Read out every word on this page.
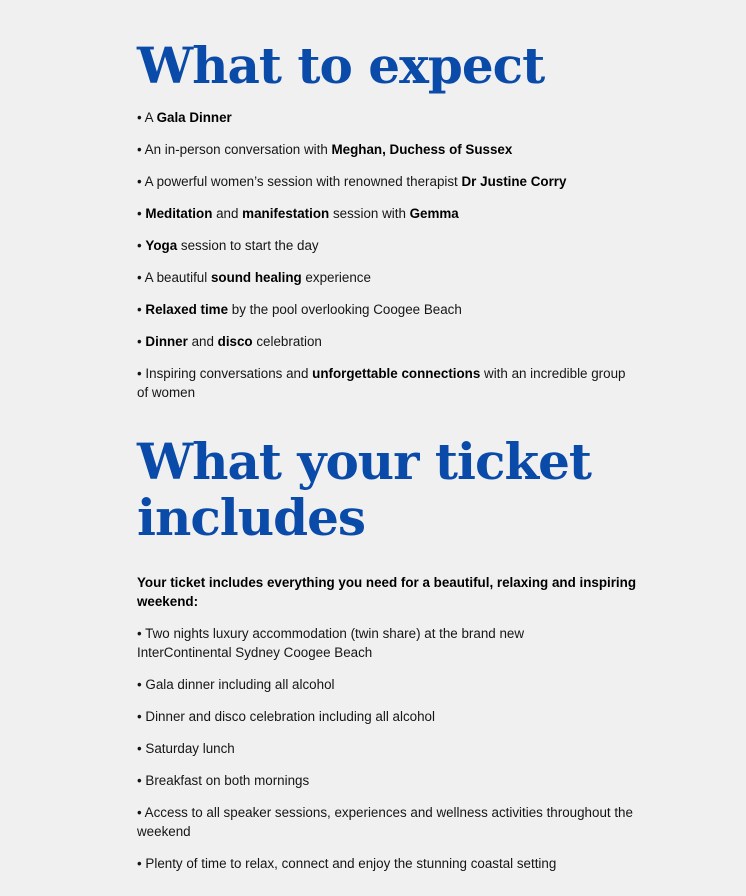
What to expect
• A Gala Dinner
• An in-person conversation with Meghan, Duchess of Sussex
• A powerful women’s session with renowned therapist Dr Justine Corry
• Meditation and manifestation session with Gemma
• Yoga session to start the day
• A beautiful sound healing experience
• Relaxed time by the pool overlooking Coogee Beach
• Dinner and disco celebration
• Inspiring conversations and unforgettable connections with an incredible group of women
What your ticket includes
Your ticket includes everything you need for a beautiful, relaxing and inspiring weekend:
• Two nights luxury accommodation (twin share) at the brand new InterContinental Sydney Coogee Beach
• Gala dinner including all alcohol
• Dinner and disco celebration including all alcohol
• Saturday lunch
• Breakfast on both mornings
• Access to all speaker sessions, experiences and wellness activities throughout the weekend
• Plenty of time to relax, connect and enjoy the stunning coastal setting
